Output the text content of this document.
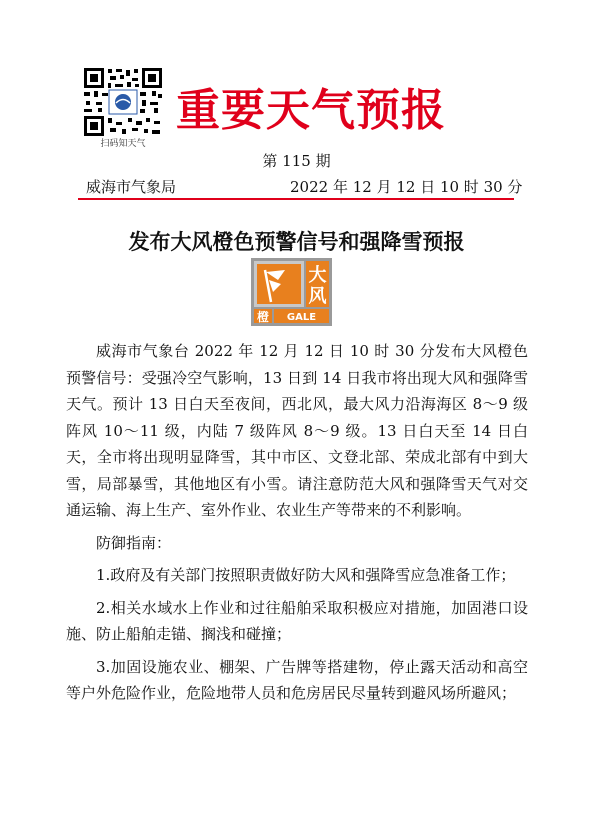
扫码知天气
重要天气预报
第 115 期
威海市气象局	2022 年 12 月 12 日 10 时 30 分
发布大风橙色预警信号和强降雪预报
大
风
橙 GALE

威海市气象台 2022 年 12 月 12 日 10 时 30 分发布大风橙色预警信号：受强冷空气影响，13 日到 14 日我市将出现大风和强降雪天气。预计 13 日白天至夜间，西北风，最大风力沿海海区 8～9 级阵风 10～11 级，内陆 7 级阵风 8～9 级。13 日白天至 14 日白天，全市将出现明显降雪，其中市区、文登北部、荣成北部有中到大雪，局部暴雪，其他地区有小雪。请注意防范大风和强降雪天气对交通运输、海上生产、室外作业、农业生产等带来的不利影响。

防御指南：

1.政府及有关部门按照职责做好防大风和强降雪应急准备工作；

2.相关水域水上作业和过往船舶采取积极应对措施，加固港口设施、防止船舶走锚、搁浅和碰撞；

3.加固设施农业、棚架、广告牌等搭建物，停止露天活动和高空等户外危险作业，危险地带人员和危房居民尽量转到避风场所避风；
